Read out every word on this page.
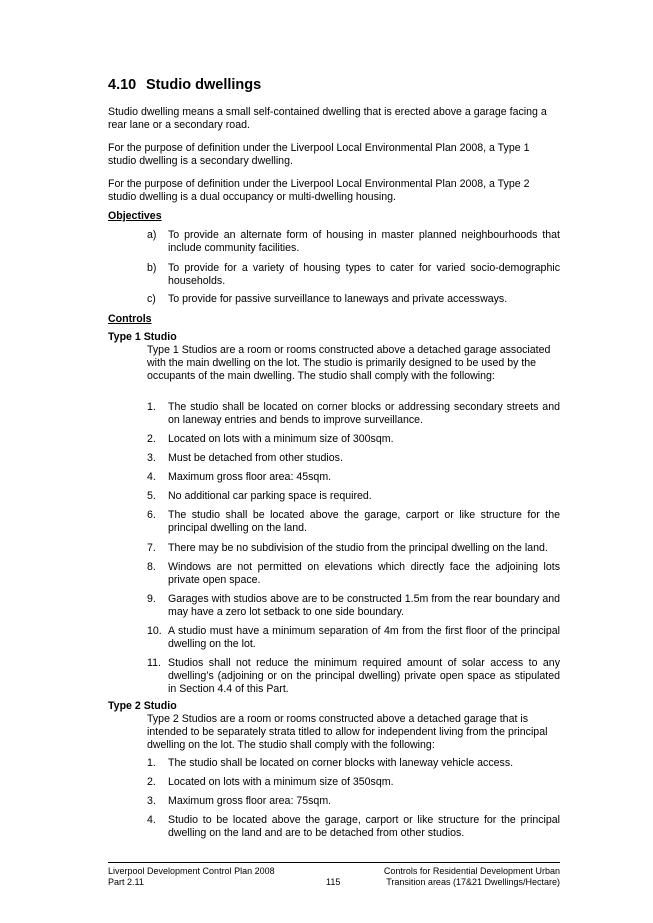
4.10 Studio dwellings

Studio dwelling means a small self-contained dwelling that is erected above a garage facing a rear lane or a secondary road.

For the purpose of definition under the Liverpool Local Environmental Plan 2008, a Type 1 studio dwelling is a secondary dwelling.

For the purpose of definition under the Liverpool Local Environmental Plan 2008, a Type 2 studio dwelling is a dual occupancy or multi-dwelling housing.

Objectives

a)	To provide an alternate form of housing in master planned neighbourhoods that include community facilities.
b)	To provide for a variety of housing types to cater for varied socio-demographic households.
c)	To provide for passive surveillance to laneways and private accessways.

Controls

Type 1 Studio

Type 1 Studios are a room or rooms constructed above a detached garage associated with the main dwelling on the lot. The studio is primarily designed to be used by the occupants of the main dwelling. The studio shall comply with the following:

1.	The studio shall be located on corner blocks or addressing secondary streets and on laneway entries and bends to improve surveillance.
2.	Located on lots with a minimum size of 300sqm.
3.	Must be detached from other studios.
4.	Maximum gross floor area: 45sqm.
5.	No additional car parking space is required.
6.	The studio shall be located above the garage, carport or like structure for the principal dwelling on the land.
7.	There may be no subdivision of the studio from the principal dwelling on the land.
8.	Windows are not permitted on elevations which directly face the adjoining lots private open space.
9.	Garages with studios above are to be constructed 1.5m from the rear boundary and may have a zero lot setback to one side boundary.
10. A studio must have a minimum separation of 4m from the first floor of the principal dwelling on the lot.
11. Studios shall not reduce the minimum required amount of solar access to any dwelling’s (adjoining or on the principal dwelling) private open space as stipulated in Section 4.4 of this Part.

Type 2 Studio

Type 2 Studios are a room or rooms constructed above a detached garage that is intended to be separately strata titled to allow for independent living from the principal dwelling on the lot. The studio shall comply with the following:

1.	The studio shall be located on corner blocks with laneway vehicle access.
2.	Located on lots with a minimum size of 350sqm.
3.	Maximum gross floor area: 75sqm.
4.	Studio to be located above the garage, carport or like structure for the principal dwelling on the land and are to be detached from other studios.

Liverpool Development Control Plan 2008

Part 2.11	115

Controls for Residential Development Urban

Transition areas (17&21 Dwellings/Hectare)
